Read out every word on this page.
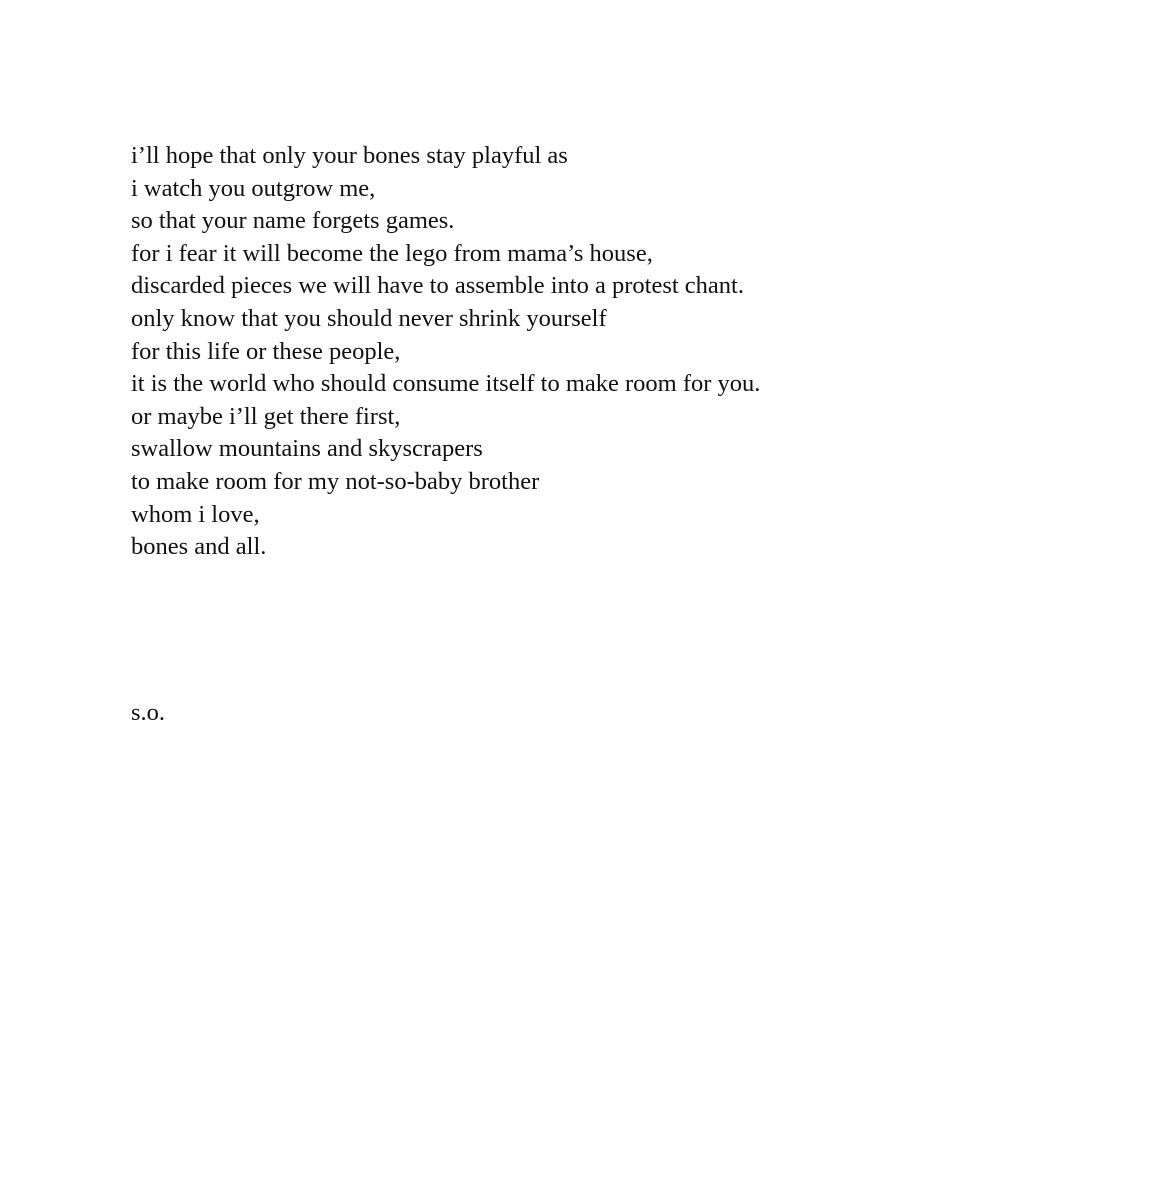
i’ll hope that only your bones stay playful as
i watch you outgrow me,
so that your name forgets games.
for i fear it will become the lego from mama’s house,
discarded pieces we will have to assemble into a protest chant.
only know that you should never shrink yourself
for this life or these people,
it is the world who should consume itself to make room for you.
or maybe i’ll get there first,
swallow mountains and skyscrapers
to make room for my not-so-baby brother
whom i love,
bones and all.
s.o.
